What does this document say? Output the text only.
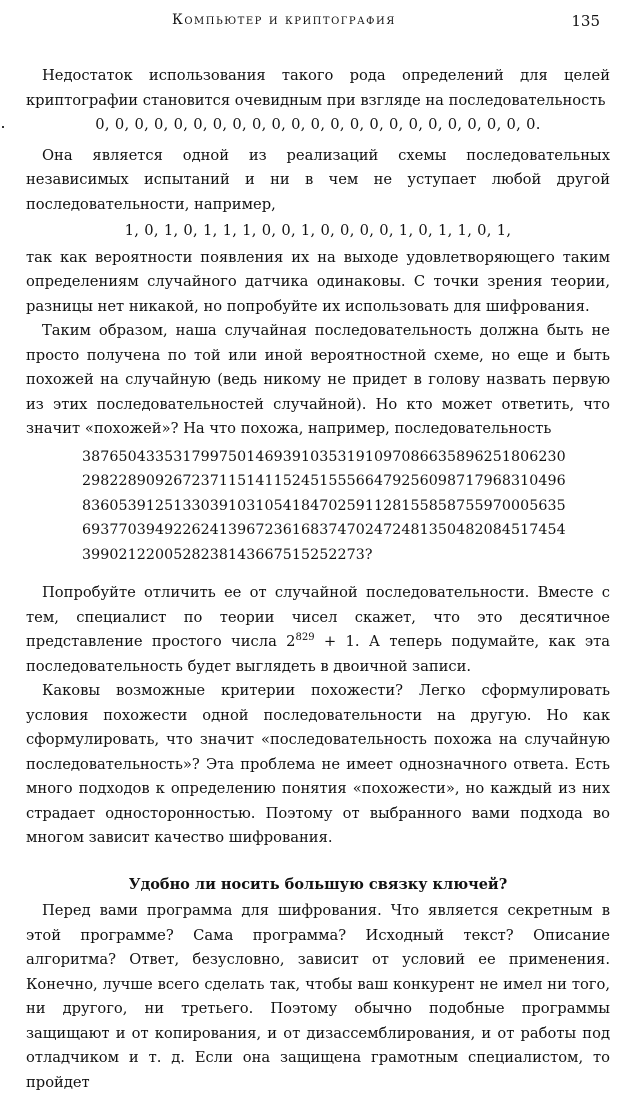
Компьютер и криптография	135

Недостаток использования такого рода определений для целей криптографии становится очевидным при взгляде на последовательность

0, 0, 0, 0, 0, 0, 0, 0, 0, 0, 0, 0, 0, 0, 0, 0, 0, 0, 0, 0, 0, 0, 0.

Она является одной из реализаций схемы последовательных независимых испытаний и ни в чем не уступает любой другой последовательности, например,

1, 0, 1, 0, 1, 1, 1, 0, 0, 1, 0, 0, 0, 0, 1, 0, 1, 1, 0, 1,

так как вероятности появления их на выходе удовлетворяющего таким определениям случайного датчика одинаковы. С точки зрения теории, разницы нет никакой, но попробуйте их использовать для шифрования.

Таким образом, наша случайная последовательность должна быть не просто получена по той или иной вероятностной схеме, но еще и быть похожей на случайную (ведь никому не придет в голову назвать первую из этих последовательностей случайной). Но кто может ответить, что значит «похожей»? На что похожа, например, последовательность

38765043353179975014693910353191097086635896251806230
29822890926723711514115245155566479256098717968310496
83605391251330391031054184702591128155858755970005635
69377039492262413967236168374702472481350482084517454
3990212200528238143667515252273?

Попробуйте отличить ее от случайной последовательности. Вместе с тем, специалист по теории чисел скажет, что это десятичное представление простого числа $2^{829} + 1$. А теперь подумайте, как эта последовательность будет выглядеть в двоичной записи.

Каковы возможные критерии похожести? Легко сформулировать условия похожести одной последовательности на другую. Но как сформулировать, что значит «последовательность похожа на случайную последовательность»? Эта проблема не имеет однозначного ответа. Есть много подходов к определению понятия «похожести», но каждый из них страдает односторонностью. Поэтому от выбранного вами подхода во многом зависит качество шифрования.

Удобно ли носить большую связку ключей?

Перед вами программа для шифрования. Что является секретным в этой программе? Сама программа? Исходный текст? Описание алгоритма? Ответ, безусловно, зависит от условий ее применения. Конечно, лучше всего сделать так, чтобы ваш конкурент не имел ни того, ни другого, ни третьего. Поэтому обычно подобные программы защищают и от копирования, и от дизассемблирования, и от работы под отладчиком и т. д. Если она защищена грамотным специалистом, то пройдет
